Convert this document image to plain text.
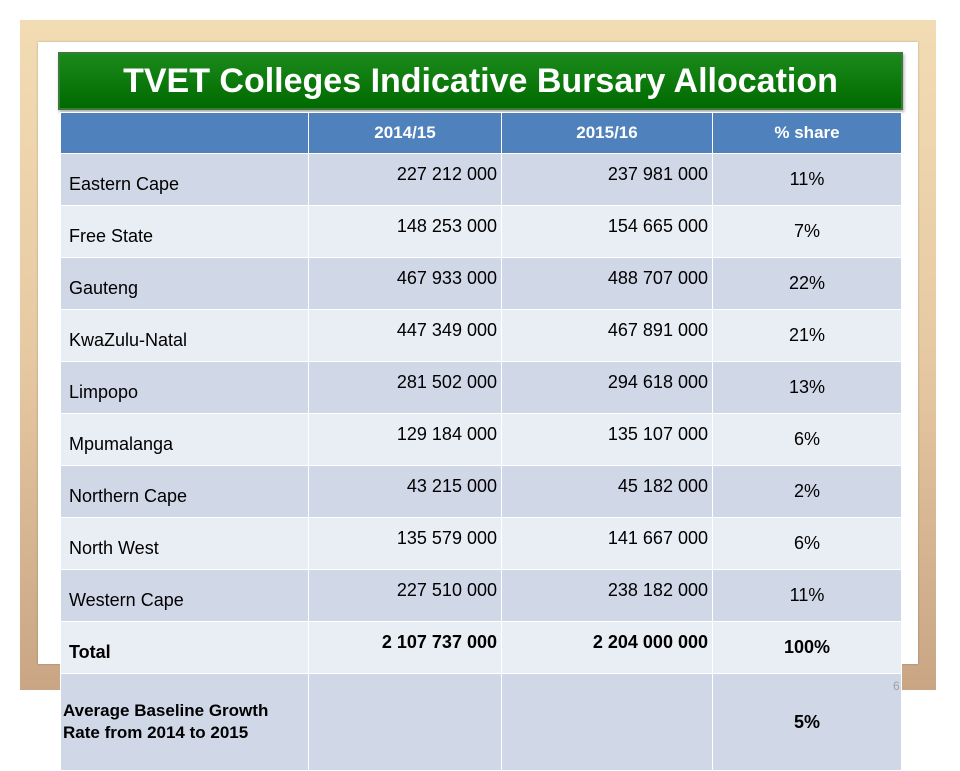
TVET Colleges Indicative Bursary Allocation
	2014/15	2015/16	% share
Eastern Cape	227 212 000	237 981 000	11%
Free State	148 253 000	154 665 000	7%
Gauteng	467 933 000	488 707 000	22%
KwaZulu-Natal	447 349 000	467 891 000	21%
Limpopo	281 502 000	294 618 000	13%
Mpumalanga	129 184 000	135 107 000	6%
Northern Cape	43 215 000	45 182 000	2%
North West	135 579 000	141 667 000	6%
Western Cape	227 510 000	238 182 000	11%
Total	2 107 737 000	2 204 000 000	100%
Average Baseline Growth Rate from 2014 to 2015			5%
6
